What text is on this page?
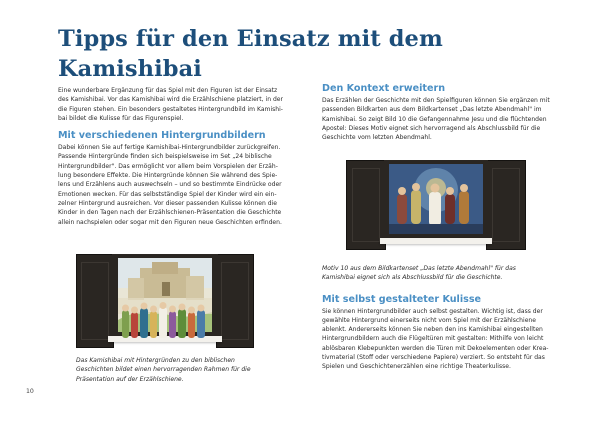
Tipps für den Einsatz mit dem Kamishibai

Eine wunderbare Ergänzung für das Spiel mit den Figuren ist der Einsatz
des Kamishibai. Vor das Kamishibai wird die Erzählschiene platziert, in der
die Figuren stehen. Ein besonders gestaltetes Hintergrundbild im Kamishi-
bai bildet die Kulisse für das Figurenspiel.

Mit verschiedenen Hintergrundbildern

Dabei können Sie auf fertige Kamishibai-Hintergrundbilder zurückgreifen.
Passende Hintergründe finden sich beispielsweise im Set „24 biblische
Hintergrundbilder". Das ermöglicht vor allem beim Vorspielen der Erzäh-
lung besondere Effekte. Die Hintergründe können Sie während des Spie-
lens und Erzählens auch auswechseln – und so bestimmte Eindrücke oder
Emotionen wecken. Für das selbstständige Spiel der Kinder wird ein ein-
zelner Hintergrund ausreichen. Vor dieser passenden Kulisse können die
Kinder in den Tagen nach der Erzählschienen-Präsentation die Geschichte
allein nachspielen oder sogar mit den Figuren neue Geschichten erfinden.

Das Kamishibai mit Hintergründen zu den biblischen
Geschichten bildet einen hervorragenden Rahmen für die
Präsentation auf der Erzählschiene.

Den Kontext erweitern

Das Erzählen der Geschichte mit den Spielfiguren können Sie ergänzen mit
passenden Bildkarten aus dem Bildkartenset „Das letzte Abendmahl" im
Kamishibai. So zeigt Bild 10 die Gefangennahme Jesu und die flüchtenden
Apostel: Dieses Motiv eignet sich hervorragend als Abschlussbild für die
Geschichte vom letzten Abendmahl.

Motiv 10 aus dem Bildkartenset „Das letzte Abendmahl" für das
Kamishibai eignet sich als Abschlussbild für die Geschichte.

Mit selbst gestalteter Kulisse

Sie können Hintergrundbilder auch selbst gestalten. Wichtig ist, dass der
gewählte Hintergrund einerseits nicht vom Spiel mit der Erzählschiene
ablenkt. Andererseits können Sie neben den ins Kamishibai eingestellten
Hintergrundbildern auch die Flügeltüren mit gestalten: Mithilfe von leicht
ablösbaren Klebepunkten werden die Türen mit Dekoelementen oder Krea-
tivmaterial (Stoff oder verschiedene Papiere) verziert. So entsteht für das
Spielen und Geschichtenerzählen eine richtige Theaterkulisse.

10
